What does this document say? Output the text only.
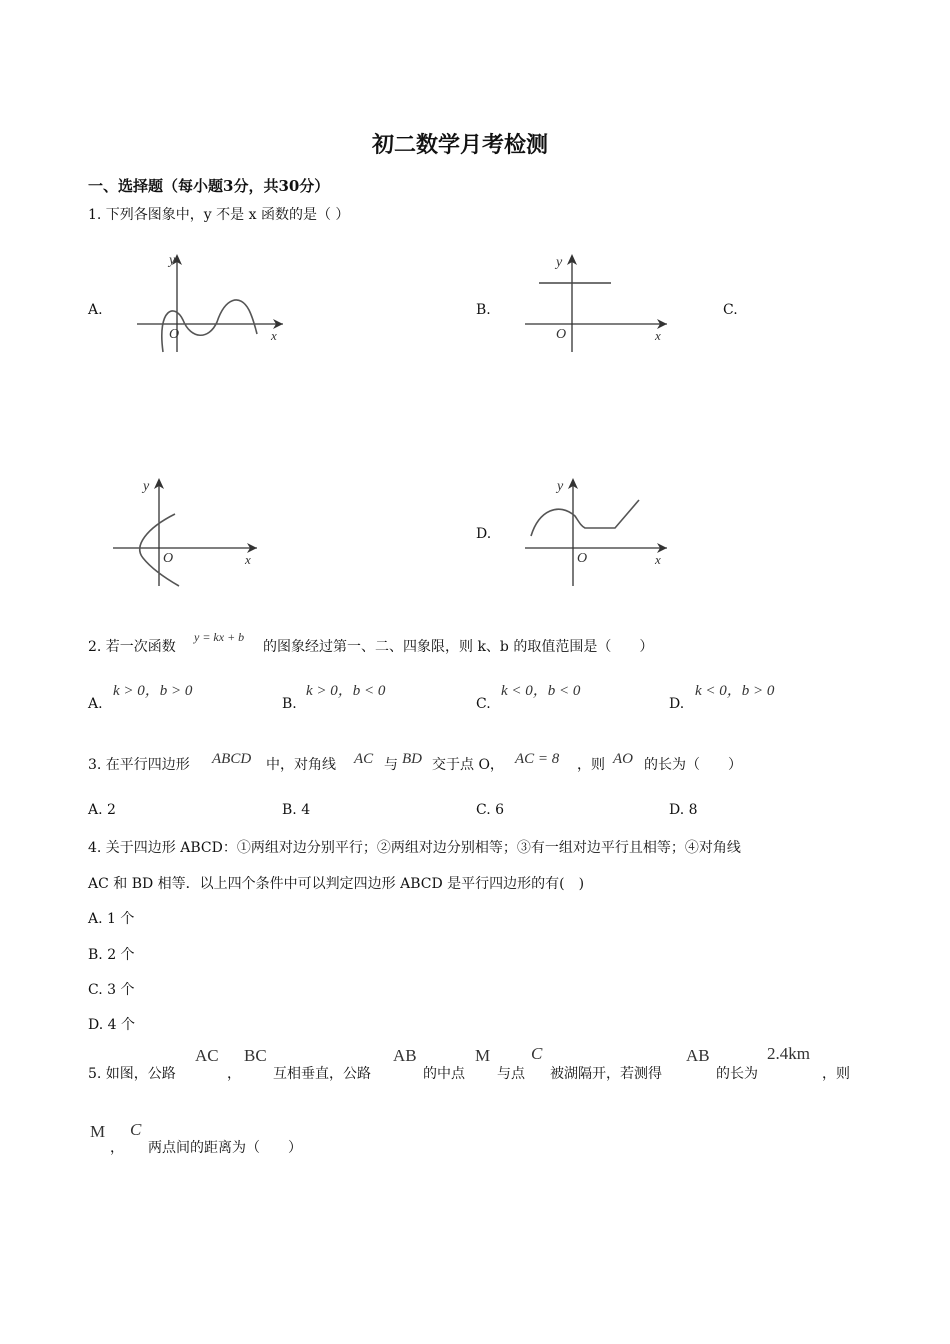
初二数学月考检测
一、选择题（每小题3分，共30分）
1. 下列各图象中，y 不是 x 函数的是（ ）
A.
y
x
O
B.
y
x
O
C.
y
x
O
D.
y
x
O
2. 若一次函数
y = kx + b
的图象经过第一、二、四象限，则 k、b 的取值范围是（　　）
A.
k > 0，b > 0
B.
k > 0，b < 0
C.
k < 0，b < 0
D.
k < 0，b > 0
3. 在平行四边形 ABCD 中，对角线 AC 与 BD 交于点 O， AC = 8 ，则 AO 的长为（　　）
A. 2	B. 4	C. 6	D. 8
4. 关于四边形 ABCD：①两组对边分别平行；②两组对边分别相等；③有一组对边平行且相等；④对角线
AC 和 BD 相等．以上四个条件中可以判定四边形 ABCD 是平行四边形的有(　)
A. 1 个
B. 2 个
C. 3 个
D. 4 个
5. 如图，公路
AC
，
BC
互相垂直，公路
AB
的中点
M
与点
C
被湖隔开，若测得
AB
的长为
2.4km
，则
M
，
C
两点间的距离为（　　）
